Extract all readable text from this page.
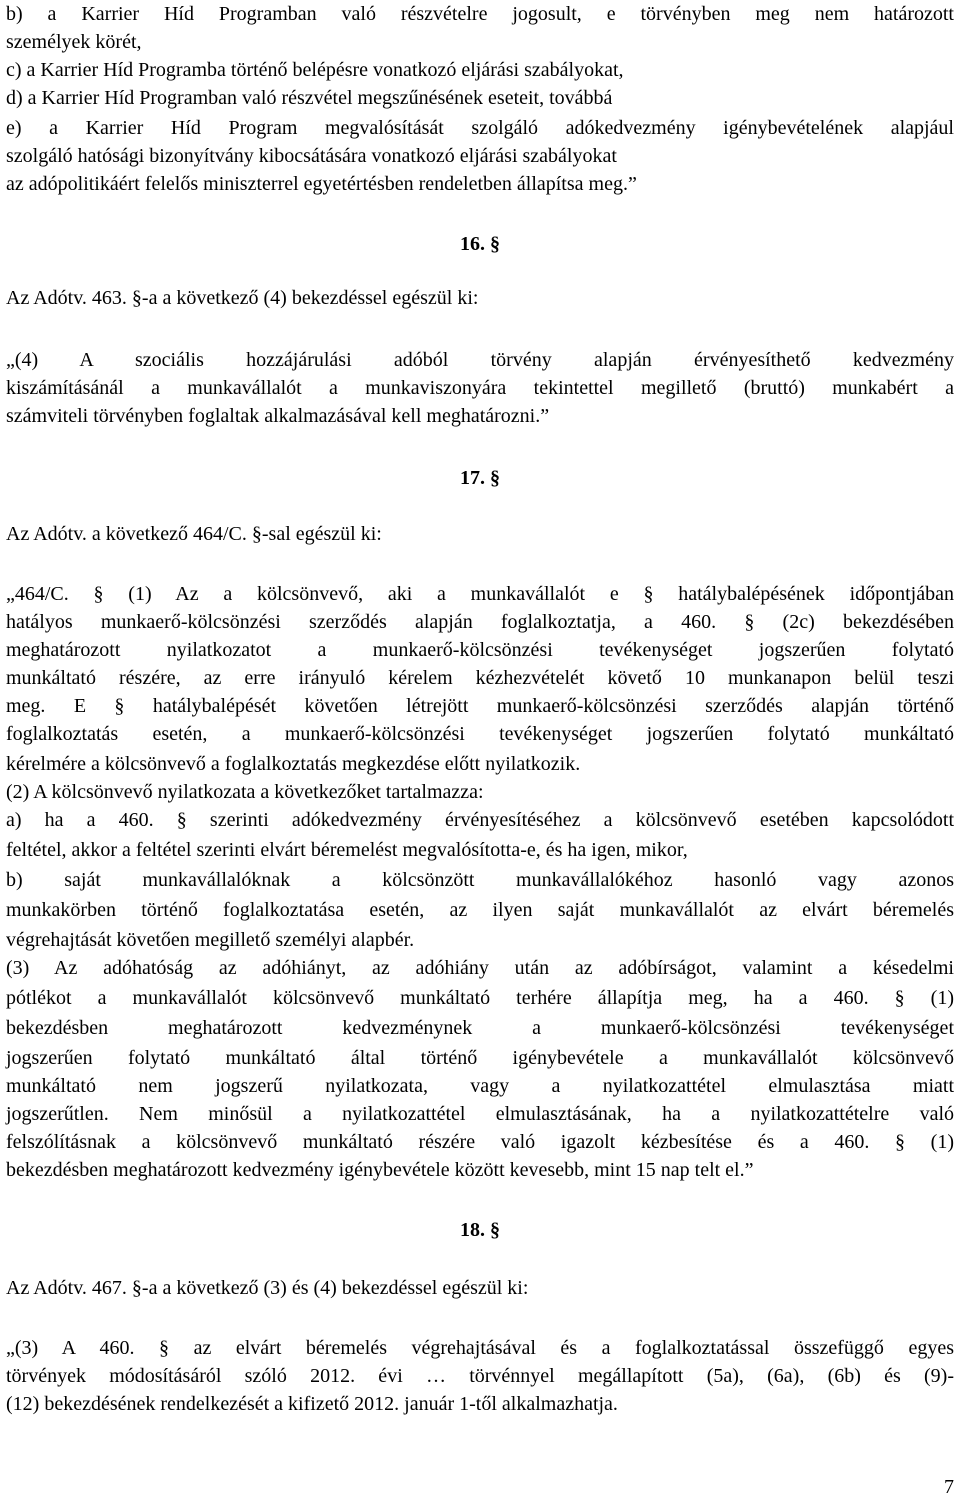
b) a Karrier Híd Programban való részvételre jogosult, e törvényben meg nem határozott
személyek körét,
c) a Karrier Híd Programba történő belépésre vonatkozó eljárási szabályokat,
d) a Karrier Híd Programban való részvétel megszűnésének eseteit, továbbá
e) a Karrier Híd Program megvalósítását szolgáló adókedvezmény igénybevételének alapjául
szolgáló hatósági bizonyítvány kibocsátására vonatkozó eljárási szabályokat
az adópolitikáért felelős miniszterrel egyetértésben rendeletben állapítsa meg.”
16. §
Az Adótv. 463. §-a a következő (4) bekezdéssel egészül ki:
„(4) A szociális hozzájárulási adóból törvény alapján érvényesíthető kedvezmény
kiszámításánál a munkavállalót a munkaviszonyára tekintettel megillető (bruttó) munkabért a
számviteli törvényben foglaltak alkalmazásával kell meghatározni.”
17. §
Az Adótv. a következő 464/C. §-sal egészül ki:
„464/C. § (1) Az a kölcsönvevő, aki a munkavállalót e § hatálybalépésének időpontjában
hatályos munkaerő-kölcsönzési szerződés alapján foglalkoztatja, a 460. § (2c) bekezdésében
meghatározott nyilatkozatot a munkaerő-kölcsönzési tevékenységet jogszerűen folytató
munkáltató részére, az erre irányuló kérelem kézhezvételét követő 10 munkanapon belül teszi
meg. E § hatálybalépését követően létrejött munkaerő-kölcsönzési szerződés alapján történő
foglalkoztatás esetén, a munkaerő-kölcsönzési tevékenységet jogszerűen folytató munkáltató
kérelmére a kölcsönvevő a foglalkoztatás megkezdése előtt nyilatkozik.
(2) A kölcsönvevő nyilatkozata a következőket tartalmazza:
a) ha a 460. § szerinti adókedvezmény érvényesítéséhez a kölcsönvevő esetében kapcsolódott
feltétel, akkor a feltétel szerinti elvárt béremelést megvalósította-e, és ha igen, mikor,
b) saját munkavállalóknak a kölcsönzött munkavállalókéhoz hasonló vagy azonos
munkakörben történő foglalkoztatása esetén, az ilyen saját munkavállalót az elvárt béremelés
végrehajtását követően megillető személyi alapbér.
(3) Az adóhatóság az adóhiányt, az adóhiány után az adóbírságot, valamint a késedelmi
pótlékot a munkavállalót kölcsönvevő munkáltató terhére állapítja meg, ha a 460. § (1)
bekezdésben meghatározott kedvezménynek a munkaerő-kölcsönzési tevékenységet
jogszerűen folytató munkáltató által történő igénybevétele a munkavállalót kölcsönvevő
munkáltató nem jogszerű nyilatkozata, vagy a nyilatkozattétel elmulasztása miatt
jogszerűtlen. Nem minősül a nyilatkozattétel elmulasztásának, ha a nyilatkozattételre való
felszólításnak a kölcsönvevő munkáltató részére való igazolt kézbesítése és a 460. § (1)
bekezdésben meghatározott kedvezmény igénybevétele között kevesebb, mint 15 nap telt el.”
18. §
Az Adótv. 467. §-a a következő (3) és (4) bekezdéssel egészül ki:
„(3) A 460. § az elvárt béremelés végrehajtásával és a foglalkoztatással összefüggő egyes
törvények módosításáról szóló 2012. évi … törvénnyel megállapított (5a), (6a), (6b) és (9)-
(12) bekezdésének rendelkezését a kifizető 2012. január 1-től alkalmazhatja.
7
